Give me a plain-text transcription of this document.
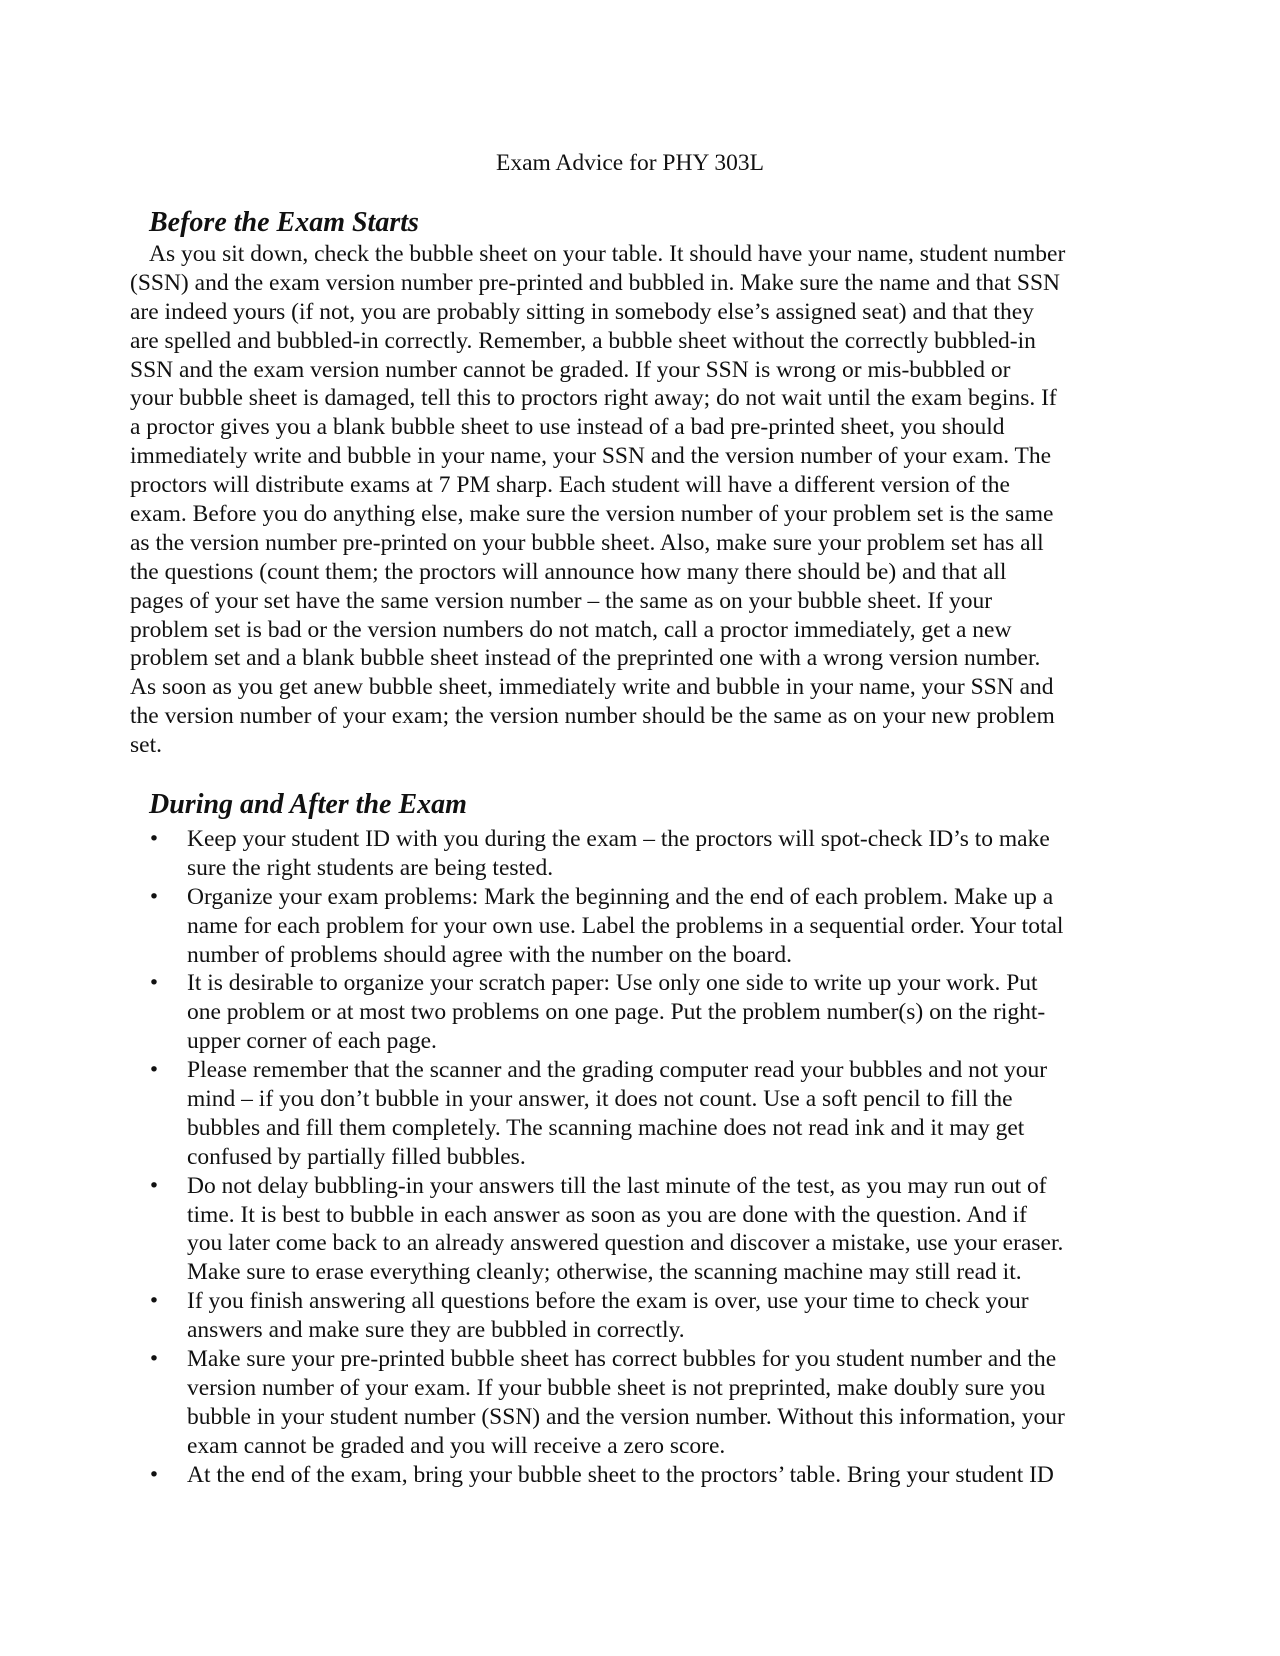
Exam Advice for PHY 303L
Before the Exam Starts
As you sit down, check the bubble sheet on your table. It should have your name, student number
(SSN) and the exam version number pre-printed and bubbled in. Make sure the name and that SSN
are indeed yours (if not, you are probably sitting in somebody else’s assigned seat) and that they
are spelled and bubbled-in correctly. Remember, a bubble sheet without the correctly bubbled-in
SSN and the exam version number cannot be graded. If your SSN is wrong or mis-bubbled or
your bubble sheet is damaged, tell this to proctors right away; do not wait until the exam begins. If
a proctor gives you a blank bubble sheet to use instead of a bad pre-printed sheet, you should
immediately write and bubble in your name, your SSN and the version number of your exam. The
proctors will distribute exams at 7 PM sharp. Each student will have a different version of the
exam. Before you do anything else, make sure the version number of your problem set is the same
as the version number pre-printed on your bubble sheet. Also, make sure your problem set has all
the questions (count them; the proctors will announce how many there should be) and that all
pages of your set have the same version number – the same as on your bubble sheet. If your
problem set is bad or the version numbers do not match, call a proctor immediately, get a new
problem set and a blank bubble sheet instead of the preprinted one with a wrong version number.
As soon as you get anew bubble sheet, immediately write and bubble in your name, your SSN and
the version number of your exam; the version number should be the same as on your new problem
set.
During and After the Exam
• Keep your student ID with you during the exam – the proctors will spot-check ID’s to make
sure the right students are being tested.
• Organize your exam problems: Mark the beginning and the end of each problem. Make up a
name for each problem for your own use. Label the problems in a sequential order. Your total
number of problems should agree with the number on the board.
• It is desirable to organize your scratch paper: Use only one side to write up your work. Put
one problem or at most two problems on one page. Put the problem number(s) on the right-
upper corner of each page.
• Please remember that the scanner and the grading computer read your bubbles and not your
mind – if you don’t bubble in your answer, it does not count. Use a soft pencil to fill the
bubbles and fill them completely. The scanning machine does not read ink and it may get
confused by partially filled bubbles.
• Do not delay bubbling-in your answers till the last minute of the test, as you may run out of
time. It is best to bubble in each answer as soon as you are done with the question. And if
you later come back to an already answered question and discover a mistake, use your eraser.
Make sure to erase everything cleanly; otherwise, the scanning machine may still read it.
• If you finish answering all questions before the exam is over, use your time to check your
answers and make sure they are bubbled in correctly.
• Make sure your pre-printed bubble sheet has correct bubbles for you student number and the
version number of your exam. If your bubble sheet is not preprinted, make doubly sure you
bubble in your student number (SSN) and the version number. Without this information, your
exam cannot be graded and you will receive a zero score.
• At the end of the exam, bring your bubble sheet to the proctors’ table. Bring your student ID
